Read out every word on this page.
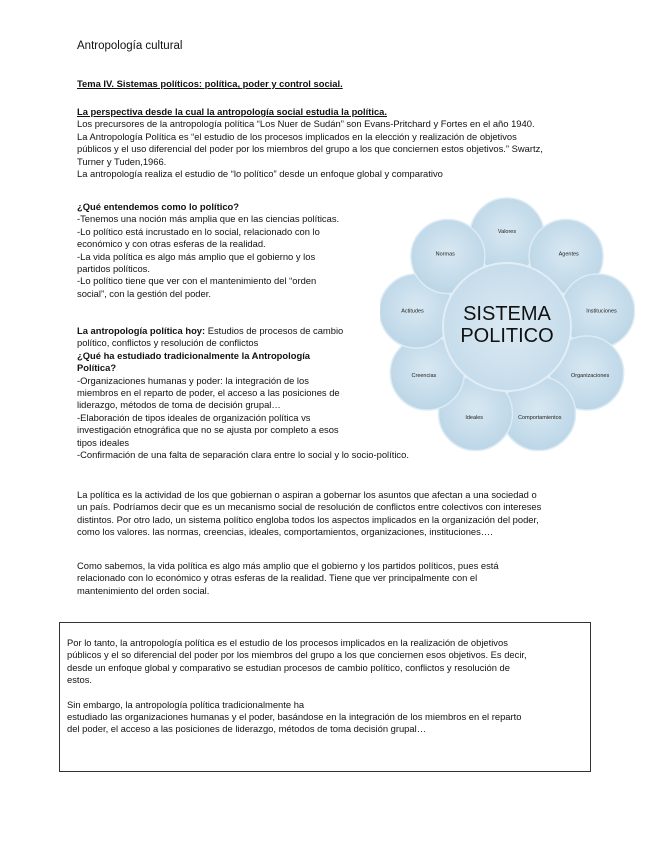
Antropología cultural
Tema IV. Sistemas políticos: política, poder y control social.
La perspectiva desde la cual la antropología social estudia la política.
Los precursores de la antropología política “Los Nuer de Sudán” son Evans-Pritchard y Fortes en el año 1940.
La Antropología Política es “el estudio de los procesos implicados en la elección y realización de objetivos
públicos y el uso diferencial del poder por los miembros del grupo a los que conciernen estos objetivos.” Swartz,
Turner y Tuden,1966.
La antropología realiza el estudio de “lo político” desde un enfoque global y comparativo
¿Qué entendemos como lo político?
-Tenemos una noción más amplia que en las ciencias políticas.
-Lo político está incrustado en lo social, relacionado con lo
económico y con otras esferas de la realidad.
-La vida política es algo más amplio que el gobierno y los
partidos políticos.
-Lo político tiene que ver con el mantenimiento del “orden
social”, con la gestión del poder.
La antropología política hoy: Estudios de procesos de cambio
político, conflictos y resolución de conflictos
¿Qué ha estudiado tradicionalmente la Antropología
Política?
-Organizaciones humanas y poder: la integración de los
miembros en el reparto de poder, el acceso a las posiciones de
liderazgo, métodos de toma de decisión grupal…
-Elaboración de tipos ideales de organización política vs
investigación etnográfica que no se ajusta por completo a esos
tipos ideales
-Confirmación de una falta de separación clara entre lo social y lo socio-político.
Valores
Agentes
Instituciones
Organizaciones
Comportamientos
Ideales
Creencias
Actitudes
Normas
SISTEMA
POLITICO
La política es la actividad de los que gobiernan o aspiran a gobernar los asuntos que afectan a una sociedad o
un país. Podríamos decir que es un mecanismo social de resolución de conflictos entre colectivos con intereses
distintos. Por otro lado, un sistema político engloba todos los aspectos implicados en la organización del poder,
como los valores. las normas, creencias, ideales, comportamientos, organizaciones, instituciones….
Como sabemos, la vida política es algo más amplio que el gobierno y los partidos políticos, pues está
relacionado con lo económico y otras esferas de la realidad. Tiene que ver principalmente con el
mantenimiento del orden social.
Por lo tanto, la antropología política es el estudio de los procesos implicados en la realización de objetivos
públicos y el so diferencial del poder por los miembros del grupo a los que conciernen esos objetivos. Es decir,
desde un enfoque global y comparativo se estudian procesos de cambio político, conflictos y resolución de
estos.
Sin embargo, la antropología política tradicionalmente ha
estudiado las organizaciones humanas y el poder, basándose en la integración de los miembros en el reparto
del poder, el acceso a las posiciones de liderazgo, métodos de toma decisión grupal…
